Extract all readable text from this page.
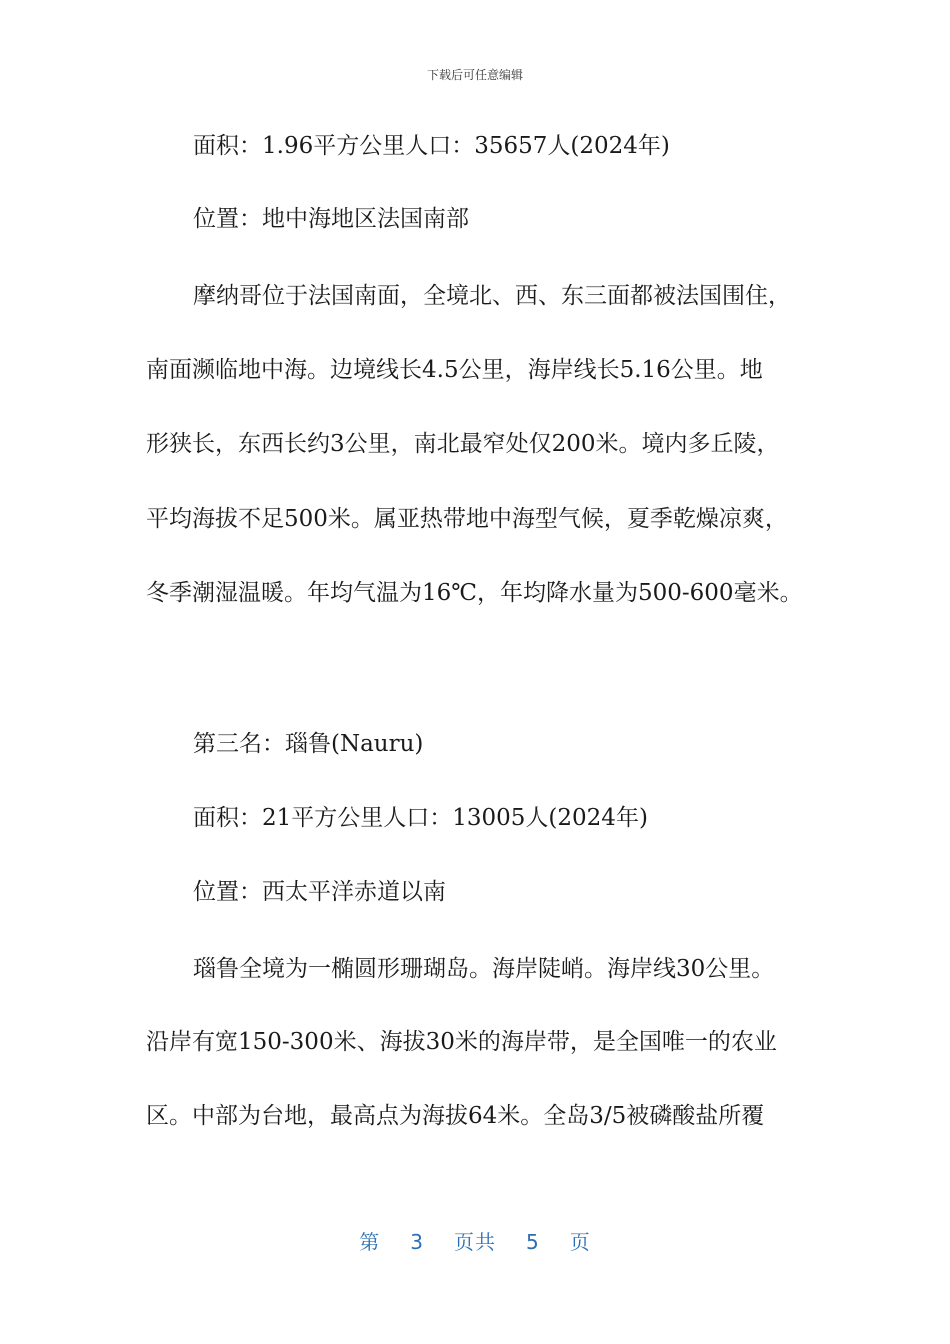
下载后可任意编辑
面积：1.96平方公里人口：35657人(2024年)
位置：地中海地区法国南部
摩纳哥位于法国南面，全境北、西、东三面都被法国围住，
南面濒临地中海。边境线长4.5公里，海岸线长5.16公里。地
形狭长，东西长约3公里，南北最窄处仅200米。境内多丘陵，
平均海拔不足500米。属亚热带地中海型气候，夏季乾燥凉爽，
冬季潮湿温暖。年均气温为16℃，年均降水量为500-600毫米。
第三名：瑙鲁(Nauru)
面积：21平方公里人口：13005人(2024年)
位置：西太平洋赤道以南
瑙鲁全境为一椭圆形珊瑚岛。海岸陡峭。海岸线30公里。
沿岸有宽150-300米、海拔30米的海岸带，是全国唯一的农业
区。中部为台地，最高点为海拔64米。全岛3/5被磷酸盐所覆
第 3 页共 5 页
